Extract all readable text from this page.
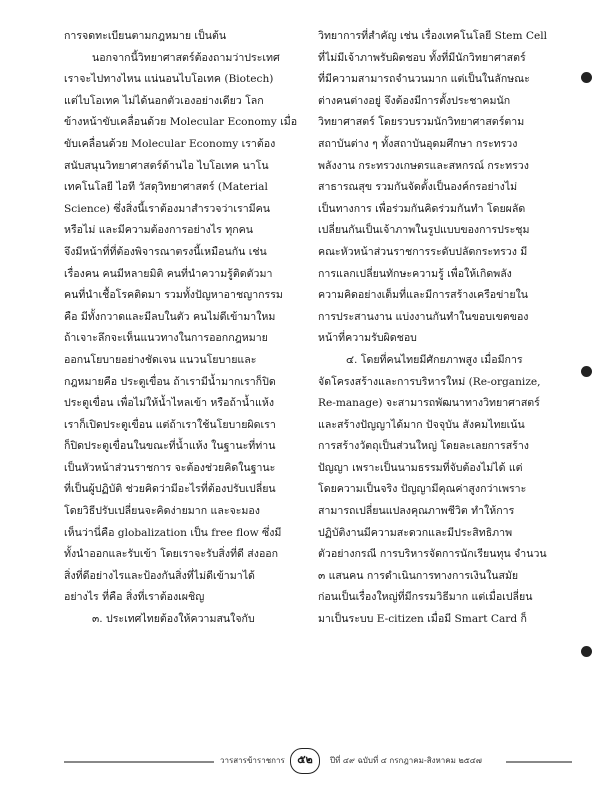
การจดทะเบียนตามกฎหมาย เป็นต้น
นอกจากนี้วิทยาศาสตร์ต้องถามว่าประเทศ
เราจะไปทางไหน แน่นอนไบโอเทค (Biotech)
แต่ไบโอเทค ไม่ได้นอกตัวเองอย่างเดียว โลก
ข้างหน้าขับเคลื่อนด้วย Molecular Economy เมื่อ
ขับเคลื่อนด้วย Molecular Economy เราต้อง
สนับสนุนวิทยาศาสตร์ด้านไอ ไบโอเทค นาโน
เทคโนโลยี ไอที วัสดุวิทยาศาสตร์ (Material
Science) ซึ่งสิ่งนี้เราต้องมาสำรวจว่าเรามีคน
หรือไม่ และมีความต้องการอย่างไร ทุกคน
จึงมีหน้าที่ที่ต้องพิจารณาตรงนี้เหมือนกัน เช่น
เรื่องคน คนมีหลายมิติ คนที่นำความรู้ติดตัวมา
คนที่นำเชื้อโรคติดมา รวมทั้งปัญหาอาชญากรรม
คือ มีทั้งกวาดและมีลบในตัว คนไม่ดีเข้ามาใหม
ถ้าเจาะลึกจะเห็นแนวทางในการออกกฎหมาย
ออกนโยบายอย่างชัดเจน แนวนโยบายและ
กฎหมายคือ ประตูเขื่อน ถ้าเรามีน้ำมากเราก็ปิด
ประตูเขื่อน เพื่อไม่ให้น้ำไหลเข้า หรือถ้าน้ำแห้ง
เราก็เปิดประตูเขื่อน แต่ถ้าเราใช้นโยบายผิดเรา
ก็ปิดประตูเขื่อนในขณะที่น้ำแห้ง ในฐานะที่ท่าน
เป็นหัวหน้าส่วนราชการ จะต้องช่วยคิดในฐานะ
ที่เป็นผู้ปฏิบัติ ช่วยคิดว่ามีอะไรที่ต้องปรับเปลี่ยน
โดยวิธีปรับเปลี่ยนจะคิดง่ายมาก และจะมอง
เห็นว่านี่คือ globalization เป็น free flow ซึ่งมี
ทั้งนำออกและรับเข้า โดยเราจะรับสิ่งที่ดี ส่งออก
สิ่งที่ดีอย่างไรและป้องกันสิ่งที่ไม่ดีเข้ามาได้
อย่างไร ที่คือ สิ่งที่เราต้องเผชิญ
๓. ประเทศไทยต้องให้ความสนใจกับ
วิทยาการที่สำคัญ เช่น เรื่องเทคโนโลยี Stem Cell
ที่ไม่มีเจ้าภาพรับผิดชอบ ทั้งที่มีนักวิทยาศาสตร์
ที่มีความสามารถจำนวนมาก แต่เป็นในลักษณะ
ต่างคนต่างอยู่ จึงต้องมีการตั้งประชาคมนัก
วิทยาศาสตร์ โดยรวบรวมนักวิทยาศาสตร์ตาม
สถาบันต่าง ๆ ทั้งสถาบันอุดมศึกษา กระทรวง
พลังงาน กระทรวงเกษตรและสหกรณ์ กระทรวง
สาธารณสุข รวมกันจัดตั้งเป็นองค์กรอย่างไม่
เป็นทางการ เพื่อร่วมกันคิดร่วมกันทำ โดยผลัด
เปลี่ยนกันเป็นเจ้าภาพในรูปแบบของการประชุม
คณะหัวหน้าส่วนราชการระดับปลัดกระทรวง มี
การแลกเปลี่ยนทักษะความรู้ เพื่อให้เกิดพลัง
ความคิดอย่างเต็มที่และมีการสร้างเครือข่ายใน
การประสานงาน แบ่งงานกันทำในขอบเขตของ
หน้าที่ความรับผิดชอบ
๔. โดยที่คนไทยมีศักยภาพสูง เมื่อมีการ
จัดโครงสร้างและการบริหารใหม่ (Re-organize,
Re-manage) จะสามารถพัฒนาทางวิทยาศาสตร์
และสร้างปัญญาได้มาก ปัจจุบัน สังคมไทยเน้น
การสร้างวัตถุเป็นส่วนใหญ่ โดยละเลยการสร้าง
ปัญญา เพราะเป็นนามธรรมที่จับต้องไม่ได้ แต่
โดยความเป็นจริง ปัญญามีคุณค่าสูงกว่าเพราะ
สามารถเปลี่ยนแปลงคุณภาพชีวิต ทำให้การ
ปฏิบัติงานมีความสะดวกและมีประสิทธิภาพ
ตัวอย่างกรณี การบริหารจัดการนักเรียนทุน จำนวน
๓ แสนคน การดำเนินการทางการเงินในสมัย
ก่อนเป็นเรื่องใหญ่ที่มีกรรมวิธีมาก แต่เมื่อเปลี่ยน
มาเป็นระบบ E-citizen เมื่อมี Smart Card ก็
วารสารข้าราชการ	๕๒	ปีที่ ๔๙ ฉบับที่ ๔ กรกฎาคม-สิงหาคม ๒๕๔๗
